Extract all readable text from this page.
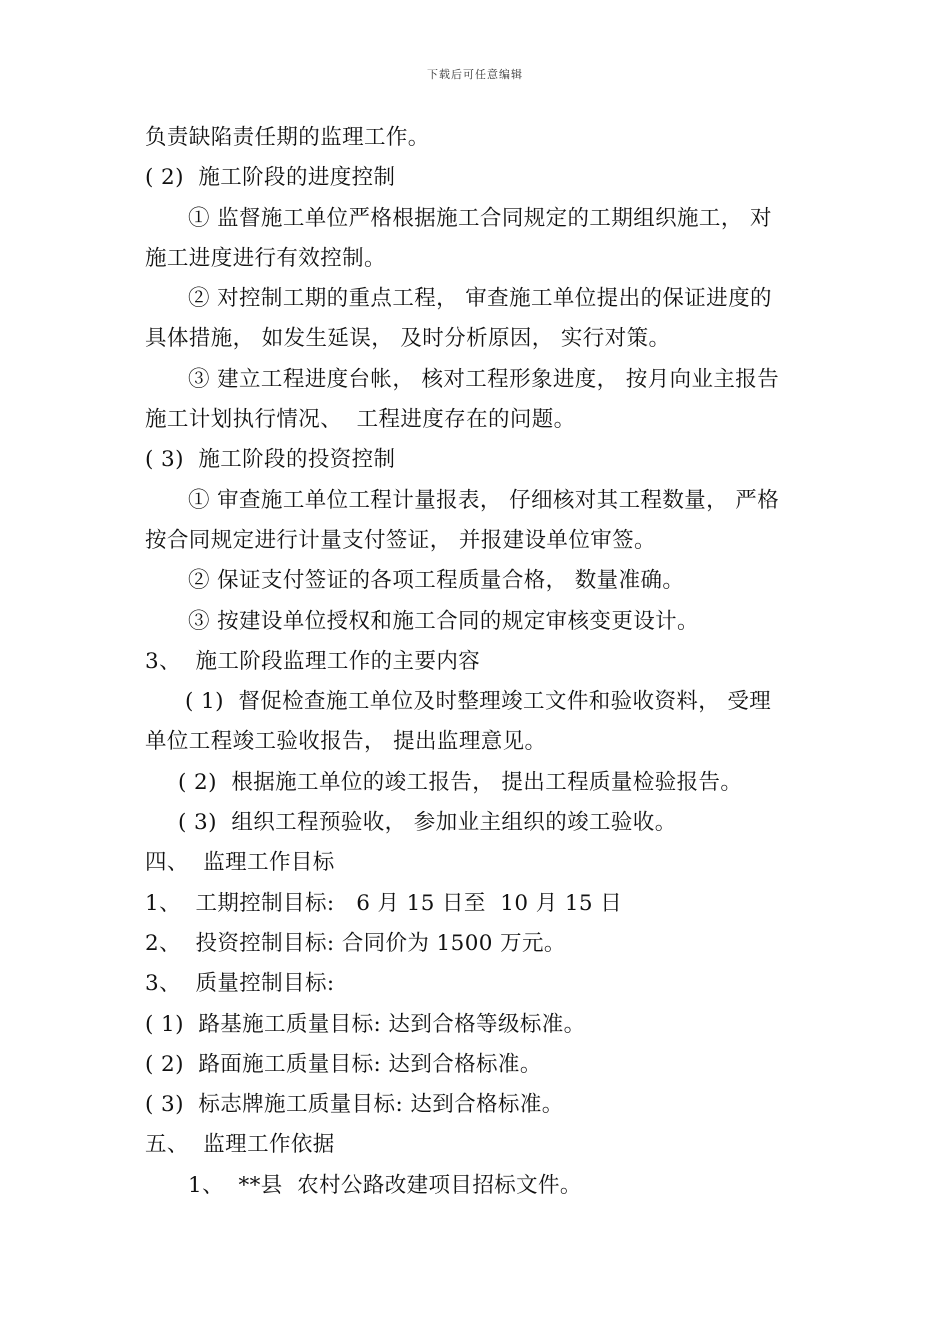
下载后可任意编辑
负责缺陷责任期的监理工作。
( 2)  施工阶段的进度控制
① 监督施工单位严格根据施工合同规定的工期组织施工， 对
施工进度进行有效控制。
② 对控制工期的重点工程， 审查施工单位提出的保证进度的
具体措施， 如发生延误， 及时分析原因， 实行对策。
③ 建立工程进度台帐， 核对工程形象进度， 按月向业主报告
施工计划执行情况、  工程进度存在的问题。
( 3)  施工阶段的投资控制
① 审查施工单位工程计量报表， 仔细核对其工程数量， 严格
按合同规定进行计量支付签证， 并报建设单位审签。
② 保证支付签证的各项工程质量合格， 数量准确。
③ 按建设单位授权和施工合同的规定审核变更设计。
3、  施工阶段监理工作的主要内容
( 1)  督促检查施工单位及时整理竣工文件和验收资料， 受理
单位工程竣工验收报告， 提出监理意见。
( 2)  根据施工单位的竣工报告， 提出工程质量检验报告。
( 3)  组织工程预验收， 参加业主组织的竣工验收。
四、  监理工作目标
1、  工期控制目标:   6 月 15 日至  10 月 15 日
2、  投资控制目标: 合同价为 1500 万元。
3、  质量控制目标:
( 1)  路基施工质量目标: 达到合格等级标准。
( 2)  路面施工质量目标: 达到合格标准。
( 3)  标志牌施工质量目标: 达到合格标准。
五、  监理工作依据
1、  **县  农村公路改建项目招标文件。
